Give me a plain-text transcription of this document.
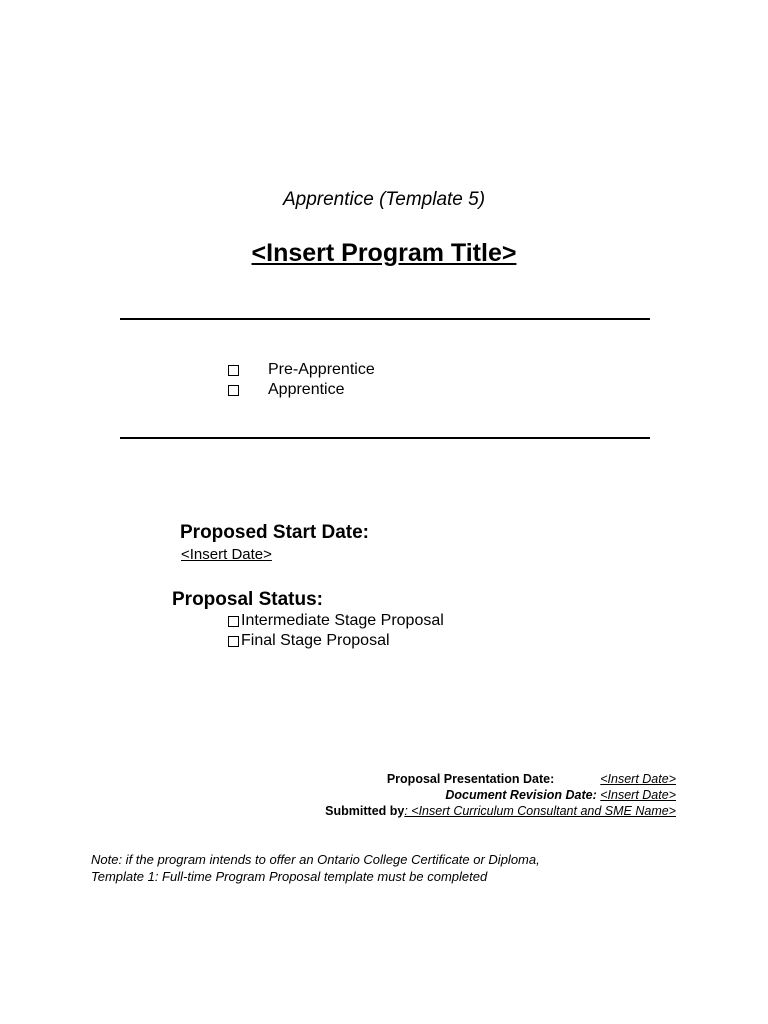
Apprentice (Template 5)
<Insert Program Title>
Pre-Apprentice
Apprentice
Proposed Start Date:
<Insert Date>
Proposal Status:
Intermediate Stage Proposal
Final Stage Proposal
Proposal Presentation Date:	<Insert Date>
Document Revision Date: <Insert Date>
Submitted by: <Insert Curriculum Consultant and SME Name>
Note: if the program intends to offer an Ontario College Certificate or Diploma,
Template 1: Full-time Program Proposal template must be completed
